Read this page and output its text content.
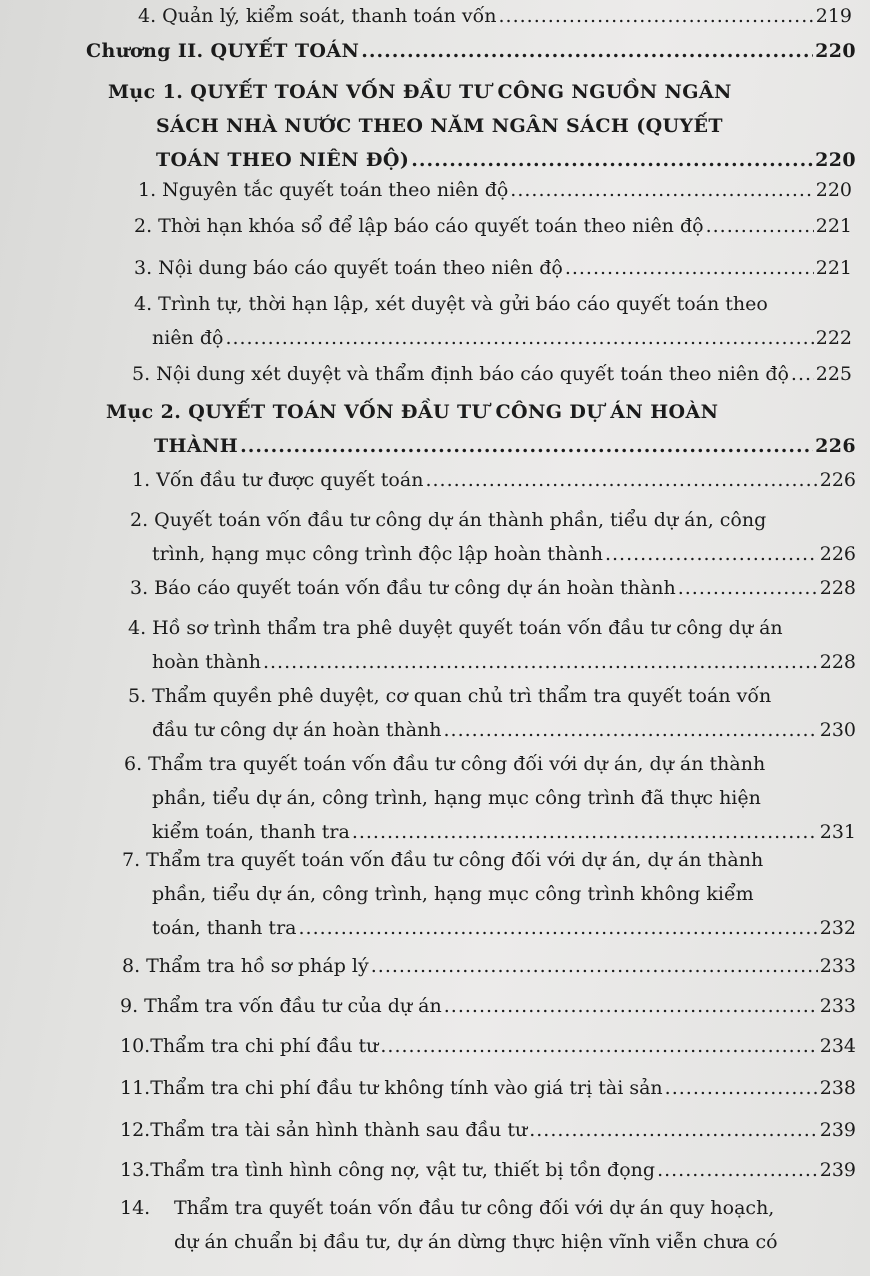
4. Quản lý, kiểm soát, thanh toán vốn .....	219
Chương II. QUYẾT TOÁN .....	220
Mục 1. QUYẾT TOÁN VỐN ĐẦU TƯ CÔNG NGUỒN NGÂN
SÁCH NHÀ NƯỚC THEO NĂM NGÂN SÁCH (QUYẾT
TOÁN THEO NIÊN ĐỘ) .....	220
1. Nguyên tắc quyết toán theo niên độ .....	220
2. Thời hạn khóa sổ để lập báo cáo quyết toán theo niên độ .....	221
3. Nội dung báo cáo quyết toán theo niên độ .....	221
4. Trình tự, thời hạn lập, xét duyệt và gửi báo cáo quyết toán theo
niên độ .....	222
5. Nội dung xét duyệt và thẩm định báo cáo quyết toán theo niên độ ..... 225
Mục 2. QUYẾT TOÁN VỐN ĐẦU TƯ CÔNG DỰ ÁN HOÀN
THÀNH .....	226
1. Vốn đầu tư được quyết toán .....	226
2. Quyết toán vốn đầu tư công dự án thành phần, tiểu dự án, công
trình, hạng mục công trình độc lập hoàn thành .....	226
3. Báo cáo quyết toán vốn đầu tư công dự án hoàn thành .....	228
4. Hồ sơ trình thẩm tra phê duyệt quyết toán vốn đầu tư công dự án
hoàn thành .....	228
5. Thẩm quyền phê duyệt, cơ quan chủ trì thẩm tra quyết toán vốn
đầu tư công dự án hoàn thành .....	230
6. Thẩm tra quyết toán vốn đầu tư công đối với dự án, dự án thành
phần, tiểu dự án, công trình, hạng mục công trình đã thực hiện
kiểm toán, thanh tra .....	231
7. Thẩm tra quyết toán vốn đầu tư công đối với dự án, dự án thành
phần, tiểu dự án, công trình, hạng mục công trình không kiểm
toán, thanh tra .....	232
8. Thẩm tra hồ sơ pháp lý .....	233
9. Thẩm tra vốn đầu tư của dự án .....	233
10. Thẩm tra chi phí đầu tư .....	234
11. Thẩm tra chi phí đầu tư không tính vào giá trị tài sản .....	238
12. Thẩm tra tài sản hình thành sau đầu tư .....	239
13. Thẩm tra tình hình công nợ, vật tư, thiết bị tồn đọng .....	239
14.	Thẩm tra quyết toán vốn đầu tư công đối với dự án quy hoạch,
dự án chuẩn bị đầu tư, dự án dừng thực hiện vĩnh viễn chưa có
